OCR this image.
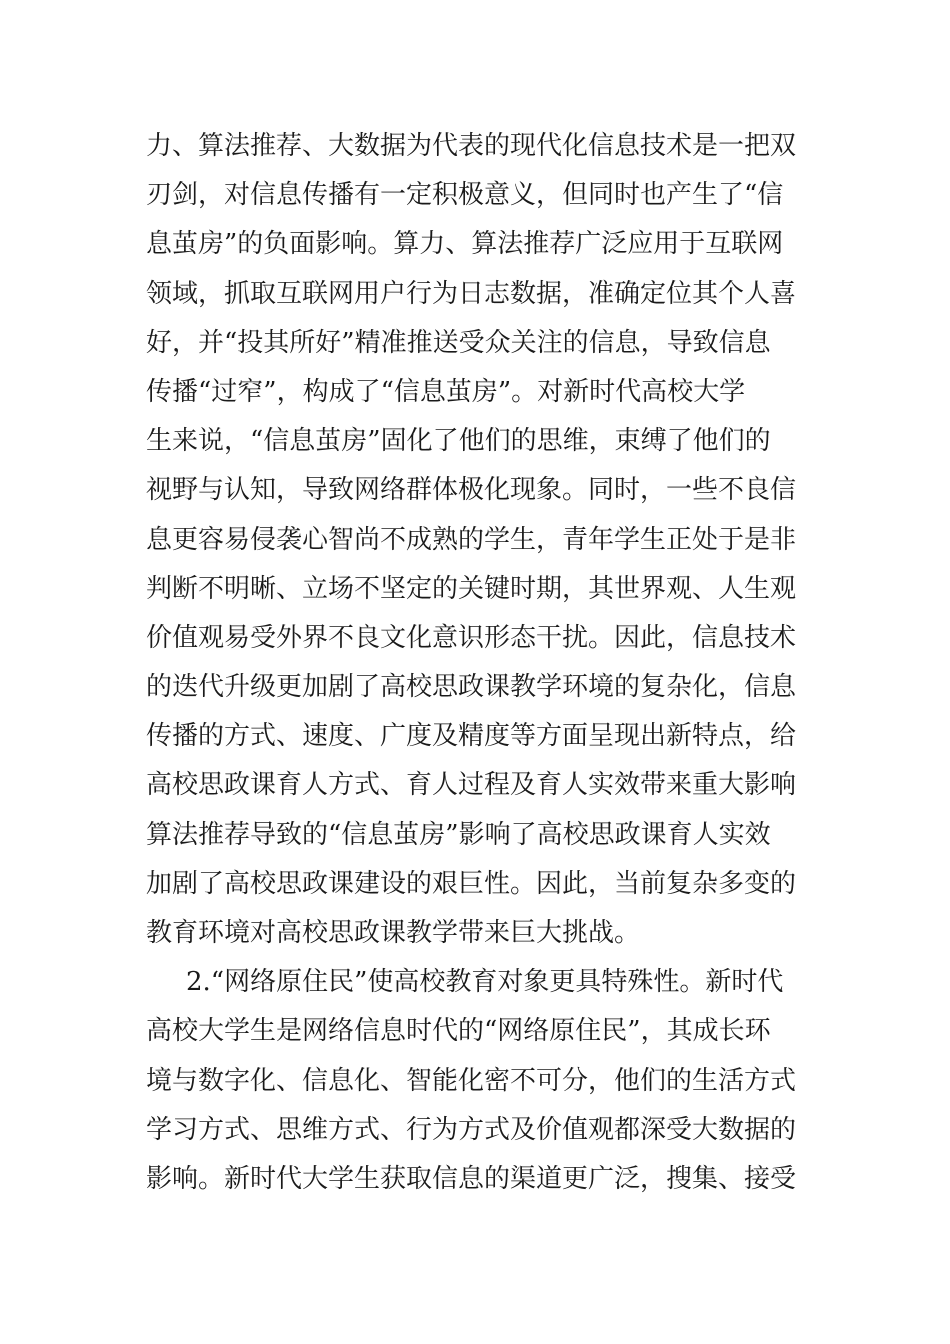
力、算法推荐、大数据为代表的现代化信息技术是一把双
刃剑，对信息传播有一定积极意义，但同时也产生了“信
息茧房”的负面影响。算力、算法推荐广泛应用于互联网
领域，抓取互联网用户行为日志数据，准确定位其个人喜
好，并“投其所好”精准推送受众关注的信息，导致信息
传播“过窄”，构成了“信息茧房”。对新时代高校大学
生来说，“信息茧房”固化了他们的思维，束缚了他们的
视野与认知，导致网络群体极化现象。同时，一些不良信
息更容易侵袭心智尚不成熟的学生，青年学生正处于是非
判断不明晰、立场不坚定的关键时期，其世界观、人生观
价值观易受外界不良文化意识形态干扰。因此，信息技术
的迭代升级更加剧了高校思政课教学环境的复杂化，信息
传播的方式、速度、广度及精度等方面呈现出新特点，给
高校思政课育人方式、育人过程及育人实效带来重大影响
算法推荐导致的“信息茧房”影响了高校思政课育人实效
加剧了高校思政课建设的艰巨性。因此，当前复杂多变的
教育环境对高校思政课教学带来巨大挑战。
2.“网络原住民”使高校教育对象更具特殊性。新时代
高校大学生是网络信息时代的“网络原住民”，其成长环
境与数字化、信息化、智能化密不可分，他们的生活方式
学习方式、思维方式、行为方式及价值观都深受大数据的
影响。新时代大学生获取信息的渠道更广泛，搜集、接受
